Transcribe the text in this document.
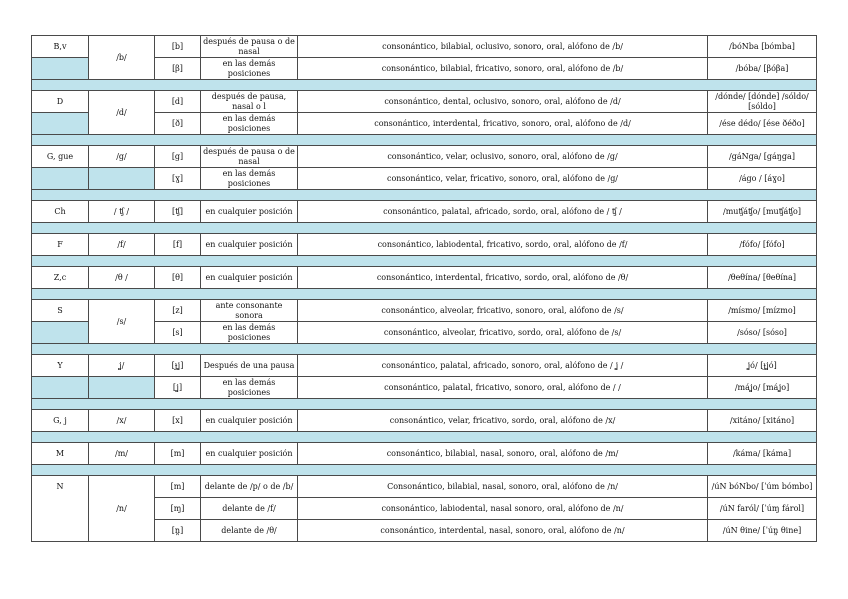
B,v	/b/	[b]	después de pausa o de nasal	consonántico, bilabial, oclusivo, sonoro, oral, alófono de /b/	/bóNba [bómba]
		[β]	en las demás posiciones	consonántico, bilabial, fricativo, sonoro, oral, alófono de /b/	/bóba/ [βóβa]

D	/d/	[d]	después de pausa, nasal o l	consonántico, dental, oclusivo, sonoro, oral, alófono de /d/	/dónde/ [dónde] /sóldo/ [sóldo]
		[ð]	en las demás posiciones	consonántico, interdental, fricativo, sonoro, oral, alófono de /d/	/ése dédo/ [ése ðéðo]

G, gue	/g/	[g]	después de pausa o de nasal	consonántico, velar, oclusivo, sonoro, oral, alófono de /g/	/gáNga/ [gáŋga]
		[ɣ]	en las demás posiciones	consonántico, velar, fricativo, sonoro, oral, alófono de /g/	/ágo / [áɣo]

Ch	/ ʧ /	[ʧ]	en cualquier posición	consonántico, palatal, africado, sordo, oral, alófono de / ʧ /	/muʧáʧo/ [muʧáʧo]

F	/f/	[f]	en cualquier posición	consonántico, labiodental, fricativo, sordo, oral, alófono de /f/	/fófo/ [fófo]

Z,c	/θ /	[θ]	en cualquier posición	consonántico, interdental, fricativo, sordo, oral, alófono de /θ/	/θeθína/ [θeθína]

S	/s/	[z]	ante consonante sonora	consonántico, alveolar, fricativo, sonoro, oral, alófono de /s/	/mísmo/ [mízmo]
		[s]	en las demás posiciones	consonántico, alveolar, fricativo, sordo, oral, alófono de /s/	/sóso/ [sóso]

Y	ʝ/	[ɟʝ]	Después de una pausa	consonántico, palatal, africado, sonoro, oral, alófono de / ʝ /	ʝó/ [ɟʝó]
		[ʝ]	en las demás posiciones	consonántico, palatal, fricativo, sonoro, oral, alófono de / /	/máʝo/ [máʝo]

G, j	/x/	[x]	en cualquier posición	consonántico, velar, fricativo, sordo, oral, alófono de /x/	/xitáno/ [xitáno]

M	/m/	[m]	en cualquier posición	consonántico, bilabial, nasal, sonoro, oral, alófono de /m/	/káma/ [káma]

N	/n/	[m]	delante de /p/ o de /b/	Consonántico, bilabial, nasal, sonoro, oral, alófono de /n/	/úN bóNbo/ [ˈúm bómbo]
		[ɱ]	delante de /f/	consonántico, labiodental, nasal sonoro, oral, alófono de /n/	/úN faról/ [ˈúɱ fárol]
		[n̪]	delante de /θ/	consonántico, interdental, nasal, sonoro, oral, alófono de /n/	/úN θine/ [ˈún̪ θine]
